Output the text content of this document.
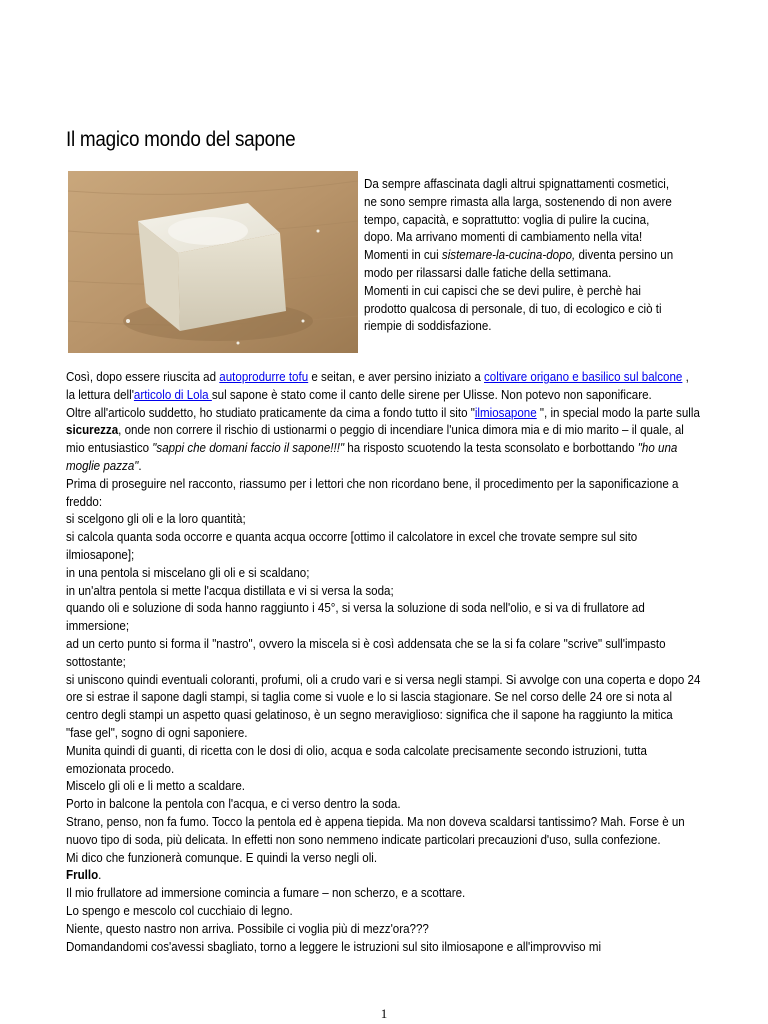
Il magico mondo del sapone

Da sempre affascinata dagli altrui spignattamenti cosmetici, ne sono sempre rimasta alla larga, sostenendo di non avere tempo, capacità, e soprattutto: voglia di pulire la cucina, dopo. Ma arrivano momenti di cambiamento nella vita! Momenti in cui sistemare-la-cucina-dopo, diventa persino un modo per rilassarsi dalle fatiche della settimana.

Momenti in cui capisci che se devi pulire, è perchè hai prodotto qualcosa di personale, di tuo, di ecologico e ciò ti riempie di soddisfazione.

Così, dopo essere riuscita ad autoprodurre tofu e seitan, e aver persino iniziato a coltivare origano e basilico sul balcone , la lettura dell'articolo di Lola sul sapone è stato come il canto delle sirene per Ulisse. Non potevo non saponificare.

Oltre all'articolo suddetto, ho studiato praticamente da cima a fondo tutto il sito "ilmiosapone ", in special modo la parte sulla sicurezza, onde non correre il rischio di ustionarmi o peggio di incendiare l'unica dimora mia e di mio marito – il quale, al mio entusiastico "sappi che domani faccio il sapone!!!" ha risposto scuotendo la testa sconsolato e borbottando "ho una moglie pazza".

Prima di proseguire nel racconto, riassumo per i lettori che non ricordano bene, il procedimento per la saponificazione a freddo:

si scelgono gli oli e la loro quantità;

si calcola quanta soda occorre e quanta acqua occorre [ottimo il calcolatore in excel che trovate sempre sul sito ilmiosapone];

in una pentola si miscelano gli oli e si scaldano;

in un'altra pentola si mette l'acqua distillata e vi si versa la soda;

quando oli e soluzione di soda hanno raggiunto i 45°, si versa la soluzione di soda nell'olio, e si va di frullatore ad immersione;

ad un certo punto si forma il "nastro", ovvero la miscela si è così addensata che se la si fa colare "scrive" sull'impasto sottostante;

si uniscono quindi eventuali coloranti, profumi, oli a crudo vari e si versa negli stampi. Si avvolge con una coperta e dopo 24 ore si estrae il sapone dagli stampi, si taglia come si vuole e lo si lascia stagionare. Se nel corso delle 24 ore si nota al centro degli stampi un aspetto quasi gelatinoso, è un segno meraviglioso: significa che il sapone ha raggiunto la mitica "fase gel", sogno di ogni saponiere.

Munita quindi di guanti, di ricetta con le dosi di olio, acqua e soda calcolate precisamente secondo istruzioni, tutta emozionata procedo.

Miscelo gli oli e li metto a scaldare.

Porto in balcone la pentola con l'acqua, e ci verso dentro la soda.

Strano, penso, non fa fumo. Tocco la pentola ed è appena tiepida. Ma non doveva scaldarsi tantissimo? Mah. Forse è un nuovo tipo di soda, più delicata. In effetti non sono nemmeno indicate particolari precauzioni d'uso, sulla confezione.

Mi dico che funzionerà comunque. E quindi la verso negli oli.

Frullo.

Il mio frullatore ad immersione comincia a fumare – non scherzo, e a scottare.

Lo spengo e mescolo col cucchiaio di legno.

Niente, questo nastro non arriva. Possibile ci voglia più di mezz'ora???

Domandandomi cos'avessi sbagliato, torno a leggere le istruzioni sul sito ilmiosapone e all'improvviso mi

1
